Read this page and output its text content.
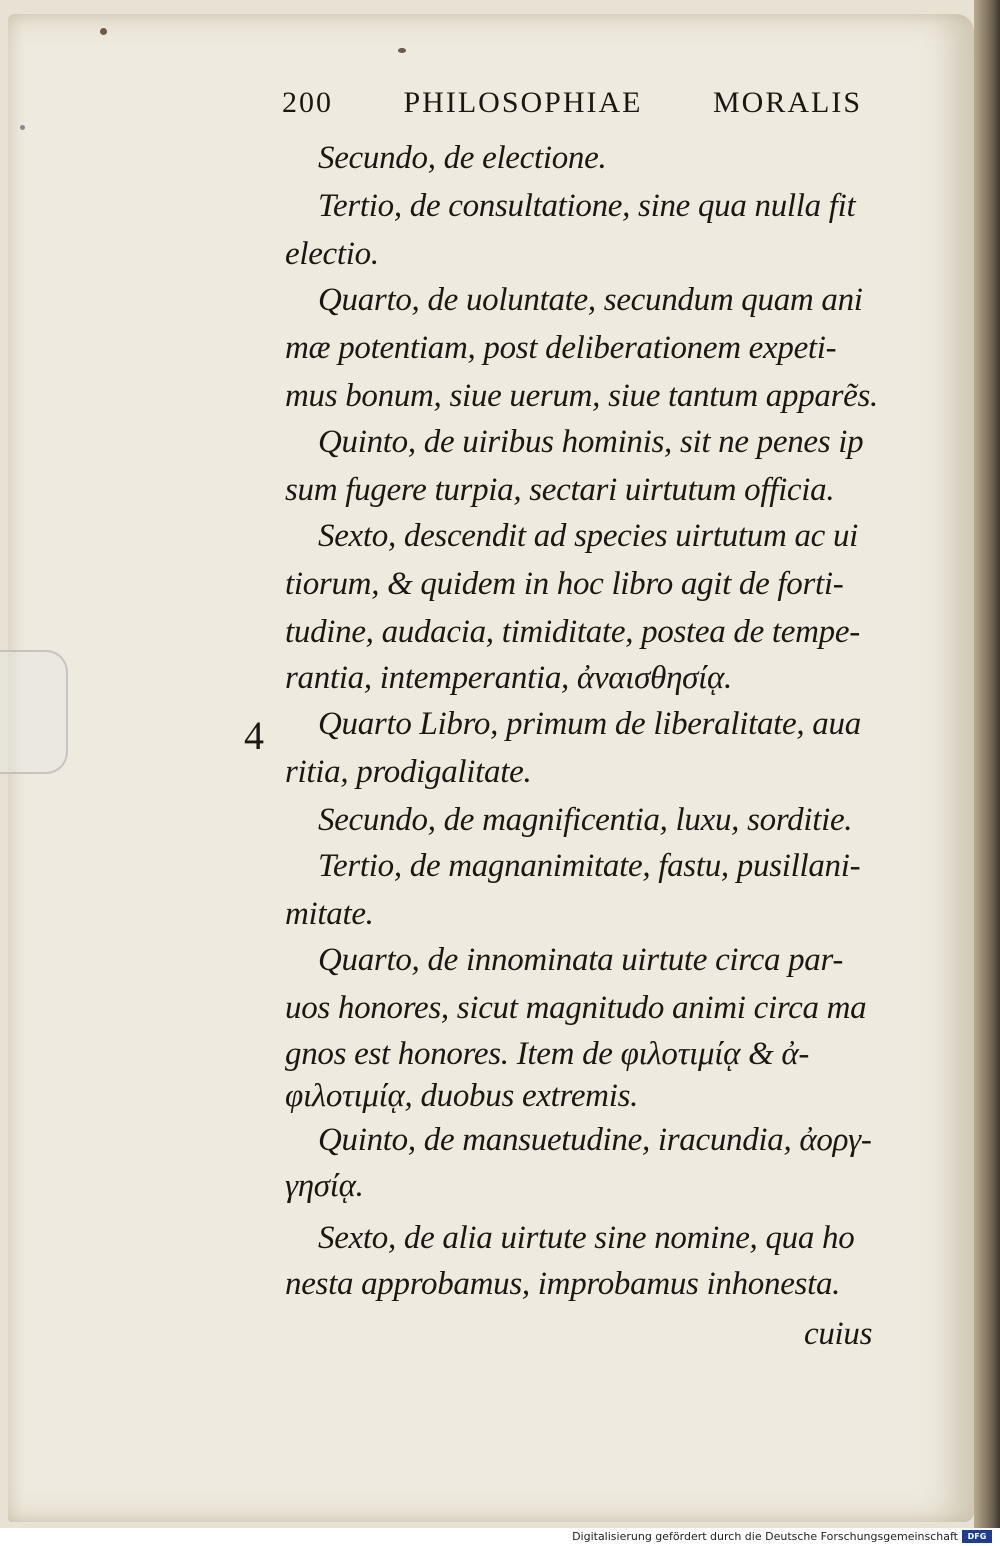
200 PHILOSOPHIAE MORALIS
4
Secundo, de electione.
Tertio, de consultatione, sine qua nulla fit
electio.
Quarto, de uoluntate, secundum quam ani
mæ potentiam, post deliberationem expeti-
mus bonum, siue uerum, siue tantum apparẽs.
Quinto, de uiribus hominis, sit ne penes ip
sum fugere turpia, sectari uirtutum officia.
Sexto, descendit ad species uirtutum ac ui
tiorum, & quidem in hoc libro agit de forti-
tudine, audacia, timiditate, postea de tempe-
rantia, intemperantia, ἀναισθησίᾳ.
Quarto Libro, primum de liberalitate, aua
ritia, prodigalitate.
Secundo, de magnificentia, luxu, sorditie.
Tertio, de magnanimitate, fastu, pusillani-
mitate.
Quarto, de innominata uirtute circa par-
uos honores, sicut magnitudo animi circa ma
gnos est honores. Item de φιλοτιμίᾳ & ἀ-
φιλοτιμίᾳ, duobus extremis.
Quinto, de mansuetudine, iracundia, ἀοργ-
γησίᾳ.
Sexto, de alia uirtute sine nomine, qua ho
nesta approbamus, improbamus inhonesta.
cuius
Digitalisierung gefördert durch die Deutsche Forschungsgemeinschaft	DFG
